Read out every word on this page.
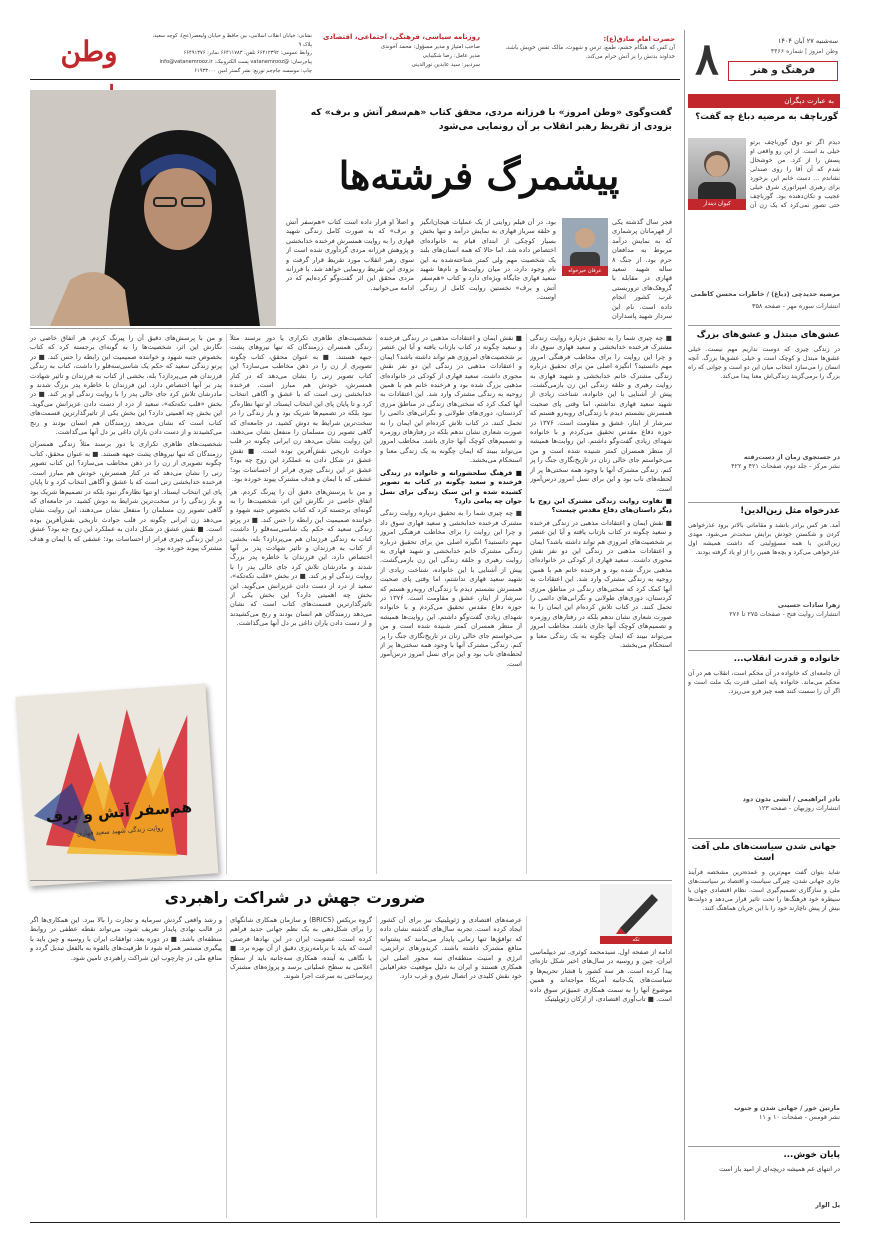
وطن	نشانی: خیابان انقلاب اسلامی، بین حافظ و خیابان ولیعصر(عج)، کوچه سعید، پلاک ۹
روابط عمومی: ۶۶۴۱۲۳۹۲ تلفن: ۶۶۴۱۱۷۸۳ نمابر: ۶۶۴۹۱۳۷۶
پیام‌رسان: @vatanemrooz پست الکترونیک: info@vatanemrooz.ir
چاپ: موسسه جام‌جم توزیع: نشر گستر امین ۶۱۹۳۳۰۰۰
روزنامه سیاسی، فرهنگی، اجتماعی، اقتصادی
صاحب امتیاز و مدیر مسؤول: محمد آخوندی
مدیر عامل: رضا شکیبایی
سردبیر: سید عابدین نورالدینی
حضرت امام صادق(ع):
آن کس که هنگام خشم، طمع، ترس و شهوت، مالک نفس خویش باشد، خداوند بدنش را بر آتش حرام می‌کند. ۸	سه‌شنبه ۲۷ آبان ۱۴۰۴
وطن امروز | شماره ۴۴۶۶
فرهنگ و هنر
به عبارت دیگران
گورباچف به مرضیه دباغ چه گفت؟
کیوان دیندار
دیدم اگر تو دوق گورباچف برتو خیلی بد است. از این رو واقعی او پسش را از کرد. من خوشحال شدم که آن آقا را روی صندلی نشاندم ... دست خانم این برخورد برای رهبری امپراتوری شرق خیلی عجیب و تکان‌دهنده بود. گورباچف حتی تصور نمی‌کرد که یک زن آن

مرضیه حدیدچی (دباغ) / خاطرات محسن کاظمی
انتشارات سوره مهر - صفحه ۳۵۸
عشق‌های مبتذل و عشق‌های بزرگ
در زندگی چیزی که دوست نداریم مهم نیست. خیلی عشق‌ها مبتذل و کوچک است و خیلی عشق‌ها بزرگ. آنچه انسان را می‌سازد انتخاب میان این دو است و جوانی که راه بزرگ را برمی‌گزیند زندگی‌اش معنا پیدا می‌کند.
در جستجوی زمان از دست‌رفته
نشر مرکز - جلد دوم، صفحات ۴۲۱ و ۴۲۲
عذرخواه مثل زین‌الدین!
آمد. هر کس برادر بانشد و مقاماتی بالاتر برود عذرخواهی کردن و شکستن خودش برایش سخت‌تر می‌شود. مهدی زین‌الدین با همه مسؤولیتی که داشت همیشه اول عذرخواهی می‌کرد و بچه‌ها همین را از او یاد گرفته بودند.
زهرا سادات حسینی
انتشارات روایت فتح - صفحات ۲۷۵ تا ۲۷۶
خانواده و قدرت انقلاب...
آن جامعه‌ای که خانواده در آن محکم است، انقلاب هم در آن محکم می‌ماند. خانواده پایه اصلی قدرت یک ملت است و اگر آن را سست کنند همه چیز فرو می‌ریزد.
نادر ابراهیمی / آتشی بدون دود
انتشارات روزبهان - صفحه ۱۲۳
جهانی شدن سیاست‌های ملی آفت است
شاید بتوان گفت مهم‌ترین و عمده‌ترین مشخصه فرآیند جاری جهانی شدن، چیرگی سیاست و اقتصاد بر سیاست‌های ملی و سازگاری تصمیم‌گیری است. نظام اقتصادی جهان با سیطره خود فرهنگ‌ها را تحت تاثیر قرار می‌دهد و دولت‌ها بیش از پیش ناچارند خود را با این جریان هماهنگ کنند.
مارتین خور / جهانی شدن و جنوب
نشر قومس - صفحات ۱۰ و ۱۱
پایان خوش...
در انتهای غم همیشه دریچه‌ای از امید باز است
یل الوار
گفت‌وگوی «وطن امروز» با فرزانه مردی، محقق کتاب «هم‌سفر آتش و برف» که بزودی از تقریظ رهبر انقلاب بر آن رونمایی می‌شود
پیشمرگ فرشته‌ها
عرفان خیرخواه
فجر سال گذشته یکی از قهرمانان پرشماری که به نمایش درآمد مربوط به مدافعان حرم بود. از جنگ ۸ ساله شهید سعید قهاری در مقابله با گروهک‌های تروریستی غرب کشور انجام داده است. نام این سردار شهید پاسداران
بود. در آن فیلم روایتی از یک عملیات هیجان‌انگیز و حلقه سرباز قهاری به نمایش درآمد و تنها بخش بسیار کوچکی از ابتدای قیام به خانواده‌ای اختصاص داده شد. اما حالا که همه انسان‌های بلند یک شخصیت مهم ولی کمتر شناخته‌شده به این نام وجود دارد، در میان روایت‌ها و نام‌ها شهید سعید قهاری جایگاه ویژه‌ای دارد و کتاب «هم‌سفر آتش و برف» نخستین روایت کامل از زندگی اوست.
و اصلاً او قرار داده است کتاب «هم‌سفر آتش و برف» که به صورت کامل زندگی شهید قهاری را به روایت همسرش فرخنده خدابخشی و پژوهش فرزانه مردی گردآوری شده است از سوی رهبر انقلاب مورد تقریظ قرار گرفت و بزودی این تقریظ رونمایی خواهد شد. با فرزانه مردی محقق این اثر گفت‌وگو کرده‌ایم که در ادامه می‌خوانید.

■ چه چیزی شما را به تحقیق درباره روایت زندگی مشترک فرخنده خدابخشی و سعید قهاری سوق داد و چرا این روایت را برای مخاطب فرهنگی امروز مهم دانستید؟ انگیزه اصلی من برای تحقیق درباره زندگی مشترک خانم خدابخشی و شهید قهاری به روایت رهبری و حلقه زندگی این زن بازمی‌گشت. پیش از آشنایی با این خانواده، شناخت زیادی از شهید سعید قهاری نداشتم، اما وقتی پای صحبت همسرش نشستم دیدم با زندگی‌ای روبه‌رو هستم که سرشار از ایثار، عشق و مقاومت است. ۱۳۷۶ در حوزه دفاع مقدس تحقیق می‌کردم و با خانواده شهدای زیادی گفت‌وگو داشتم. این روایت‌ها همیشه از منظر همسران کمتر شنیده شده است و من می‌خواستم جای خالی زنان در تاریخ‌نگاری جنگ را پر کنم. زندگی مشترک آنها با وجود همه سختی‌ها پر از لحظه‌های ناب بود و این برای نسل امروز درس‌آموز است.

■ تفاوت روایت زندگی مشترک این زوج با دیگر داستان‌های دفاع مقدس چیست؟

■ نقش ایمان و اعتقادات مذهبی در زندگی فرخنده و سعید چگونه در کتاب بازتاب یافته و آیا این عنصر بر شخصیت‌های امروزی هم تواند داشته باشد؟ ایمان و اعتقادات مذهبی در زندگی این دو نفر نقش محوری داشت. سعید قهاری از کودکی در خانواده‌ای مذهبی بزرگ شده بود و فرخنده خانم هم با همین روحیه به زندگی مشترک وارد شد. این اعتقادات به آنها کمک کرد که سختی‌های زندگی در مناطق مرزی کردستان، دوری‌های طولانی و نگرانی‌های دائمی را تحمل کنند. در کتاب تلاش کرده‌ام این ایمان را به صورت شعاری نشان ندهم بلکه در رفتارهای روزمره و تصمیم‌های کوچک آنها جاری باشد. مخاطب امروز می‌تواند ببیند که ایمان چگونه به یک زندگی معنا و استحکام می‌بخشد.

■ نقش ایمان و اعتقادات مذهبی در زندگی فرخنده و سعید چگونه در کتاب بازتاب یافته و آیا این عنصر بر شخصیت‌های امروزی هم تواند داشته باشد؟ ایمان و اعتقادات مذهبی در زندگی این دو نفر نقش محوری داشت. سعید قهاری از کودکی در خانواده‌ای مذهبی بزرگ شده بود و فرخنده خانم هم با همین روحیه به زندگی مشترک وارد شد. این اعتقادات به آنها کمک کرد که سختی‌های زندگی در مناطق مرزی کردستان، دوری‌های طولانی و نگرانی‌های دائمی را تحمل کنند. در کتاب تلاش کرده‌ام این ایمان را به صورت شعاری نشان ندهم بلکه در رفتارهای روزمره و تصمیم‌های کوچک آنها جاری باشد. مخاطب امروز می‌تواند ببیند که ایمان چگونه به یک زندگی معنا و استحکام می‌بخشد.

■ فرهنگ سلحشورانه و خانواده در زندگی فرخنده و سعید چگونه در کتاب به تصویر کشیده شده و این سبک زندگی برای نسل جوان چه پیامی دارد؟

■ چه چیزی شما را به تحقیق درباره روایت زندگی مشترک فرخنده خدابخشی و سعید قهاری سوق داد و چرا این روایت را برای مخاطب فرهنگی امروز مهم دانستید؟ انگیزه اصلی من برای تحقیق درباره زندگی مشترک خانم خدابخشی و شهید قهاری به روایت رهبری و حلقه زندگی این زن بازمی‌گشت. پیش از آشنایی با این خانواده، شناخت زیادی از شهید سعید قهاری نداشتم، اما وقتی پای صحبت همسرش نشستم دیدم با زندگی‌ای روبه‌رو هستم که سرشار از ایثار، عشق و مقاومت است. ۱۳۷۶ در حوزه دفاع مقدس تحقیق می‌کردم و با خانواده شهدای زیادی گفت‌وگو داشتم. این روایت‌ها همیشه از منظر همسران کمتر شنیده شده است و من می‌خواستم جای خالی زنان در تاریخ‌نگاری جنگ را پر کنم. زندگی مشترک آنها با وجود همه سختی‌ها پر از لحظه‌های ناب بود و این برای نسل امروز درس‌آموز است.

شخصیت‌های ظاهری تکراری یا دور برسند مثلاً زندگی همسران رزمندگان که تنها نیروهای پشت جبهه هستند. ■ به عنوان محقق، کتاب چگونه تصویری از زن را در ذهن مخاطب می‌سازد؟ این کتاب تصویر زنی را نشان می‌دهد که در کنار همسرش، خودش هم مبارز است. فرخنده خدابخشی زنی است که با عشق و آگاهی انتخاب کرد و تا پایان پای این انتخاب ایستاد. او تنها نظاره‌گر نبود بلکه در تصمیم‌ها شریک بود و بار زندگی را در سخت‌ترین شرایط به دوش کشید. در جامعه‌ای که گاهی تصویر زن مسلمان را منفعل نشان می‌دهند، این روایت نشان می‌دهد زن ایرانی چگونه در قلب حوادث تاریخی نقش‌آفرین بوده است. ■ نقش عشق در شکل دادن به عملکرد این زوج چه بود؟ عشق در این زندگی چیزی فراتر از احساسات بود؛ عشقی که با ایمان و هدف مشترک پیوند خورده بود.

و من با پرسش‌های دقیق آن را پیرنگ کردم. هر اتفاق خاصی در نگارش این اثر، شخصیت‌ها را به گونه‌ای برجسته کرد که کتاب بخصوص جنبه شهود و خواننده صمیمیت این رابطه را حس کند. ■ در پرتو زندگی سعید که حکم یک شاسی‌سه‌قلو را داشت، کتاب به زندگی فرزندان هم می‌پردازد؟ بله، بخشی از کتاب به فرزندان و تاثیر شهادت پدر بر آنها اختصاص دارد. این فرزندان با خاطره پدر بزرگ شدند و مادرشان تلاش کرد جای خالی پدر را با روایت زندگی او پر کند. ■ در بخش «قلب تکه‌تکه»، سعید از درد از دست دادن عزیزانش می‌گوید. این بخش چه اهمیتی دارد؟ این بخش یکی از تاثیرگذارترین قسمت‌های کتاب است که نشان می‌دهد رزمندگان هم انسان بودند و رنج می‌کشیدند و از دست دادن یاران داغی بر دل آنها می‌گذاشت.

و من با پرسش‌های دقیق آن را پیرنگ کردم. هر اتفاق خاصی در نگارش این اثر، شخصیت‌ها را به گونه‌ای برجسته کرد که کتاب بخصوص جنبه شهود و خواننده صمیمیت این رابطه را حس کند. ■ در پرتو زندگی سعید که حکم یک شاسی‌سه‌قلو را داشت، کتاب به زندگی فرزندان هم می‌پردازد؟ بله، بخشی از کتاب به فرزندان و تاثیر شهادت پدر بر آنها اختصاص دارد. این فرزندان با خاطره پدر بزرگ شدند و مادرشان تلاش کرد جای خالی پدر را با روایت زندگی او پر کند. ■ در بخش «قلب تکه‌تکه»، سعید از درد از دست دادن عزیزانش می‌گوید. این بخش چه اهمیتی دارد؟ این بخش یکی از تاثیرگذارترین قسمت‌های کتاب است که نشان می‌دهد رزمندگان هم انسان بودند و رنج می‌کشیدند و از دست دادن یاران داغی بر دل آنها می‌گذاشت.

شخصیت‌های ظاهری تکراری یا دور برسند مثلاً زندگی همسران رزمندگان که تنها نیروهای پشت جبهه هستند. ■ به عنوان محقق، کتاب چگونه تصویری از زن را در ذهن مخاطب می‌سازد؟ این کتاب تصویر زنی را نشان می‌دهد که در کنار همسرش، خودش هم مبارز است. فرخنده خدابخشی زنی است که با عشق و آگاهی انتخاب کرد و تا پایان پای این انتخاب ایستاد. او تنها نظاره‌گر نبود بلکه در تصمیم‌ها شریک بود و بار زندگی را در سخت‌ترین شرایط به دوش کشید. در جامعه‌ای که گاهی تصویر زن مسلمان را منفعل نشان می‌دهند، این روایت نشان می‌دهد زن ایرانی چگونه در قلب حوادث تاریخی نقش‌آفرین بوده است. ■ نقش عشق در شکل دادن به عملکرد این زوج چه بود؟ عشق در این زندگی چیزی فراتر از احساسات بود؛ عشقی که با ایمان و هدف مشترک پیوند خورده بود.

هم‌سفر آتش و برف
روایت زندگی شهید سعید قهاری
ضرورت جهش در شراکت راهبردی
تکه
ادامه از صفحه اول. سیدمحمد کوثری. تیر دیپلماسی ایران، چین و روسیه در سال‌های اخیر شکل تازه‌ای پیدا کرده است. هر سه کشور با فشار تحریم‌ها و سیاست‌های یک‌جانبه آمریکا مواجه‌اند و همین موضوع آنها را به سمت همکاری عمیق‌تر سوق داده است. ■ تاب‌آوری اقتصادی، از ارکان ژئوپلیتیک
عرصه‌های اقتصادی و ژئوپلیتیک نیز برای آن کشور ایجاد کرده است. تجربه سال‌های گذشته نشان داده که توافق‌ها تنها زمانی پایدار می‌مانند که پشتوانه منافع مشترک داشته باشند. کریدورهای ترانزیتی، انرژی و امنیت منطقه‌ای سه محور اصلی این همکاری هستند و ایران به دلیل موقعیت جغرافیایی خود نقش کلیدی در اتصال شرق و غرب دارد.
گروه بریکس (BRICS) و سازمان همکاری شانگهای را برای شکل‌دهی به یک نظم جهانی جدید فراهم کرده است. عضویت ایران در این نهادها فرصتی است که باید با برنامه‌ریزی دقیق از آن بهره برد. ■ با نگاهی به آینده، همکاری سه‌جانبه باید از سطح اعلامی به سطح عملیاتی برسد و پروژه‌های مشترک زیرساختی به سرعت اجرا شوند.
و رشد واقعی گردش سرمایه و تجارت را بالا ببرد. این همکاری‌ها اگر در قالب نهادی پایدار تعریف شود، می‌تواند نقطه عطفی در روابط منطقه‌ای باشد. ■ در دوره بعد، توافقات ایران با روسیه و چین باید با پیگیری مستمر همراه شود تا ظرفیت‌های بالقوه به بالفعل تبدیل گردد و منافع ملی در چارچوب این شراکت راهبردی تامین شود.
